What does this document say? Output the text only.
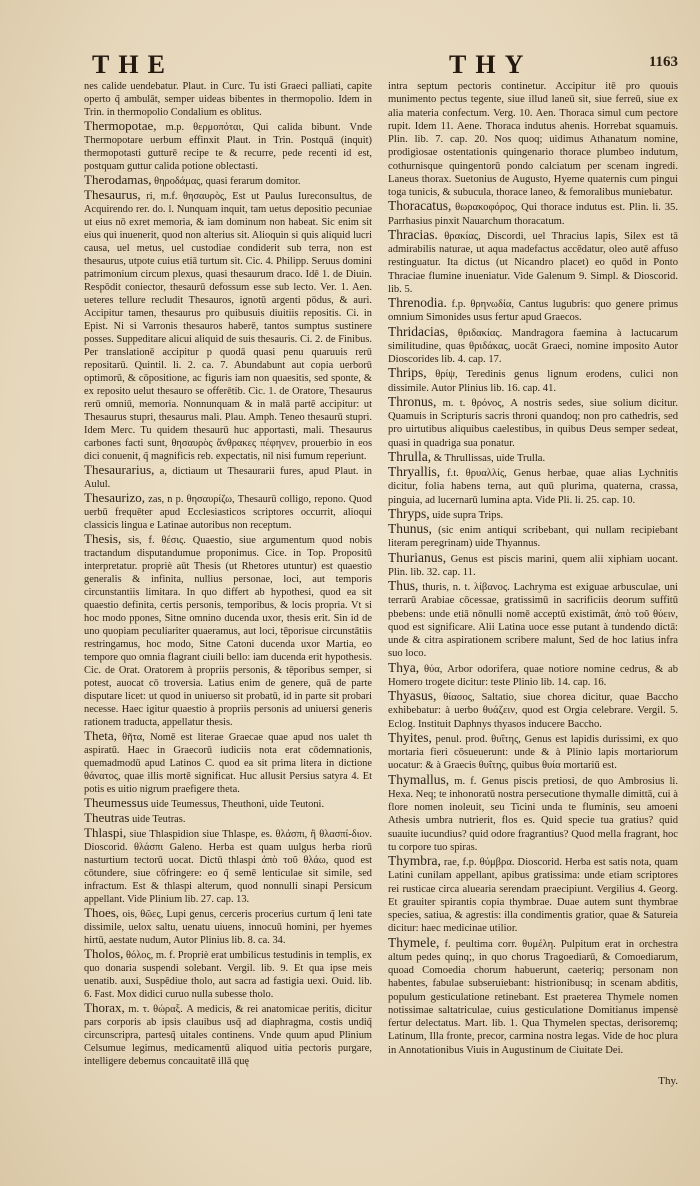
THE	THY	1163

nes calide uendebatur. Plaut. in Curc. Tu isti Graeci palliati, capite operto q̃ ambulāt, semper uideas bibentes in thermopolio. Idem in Trin. in thermopolio Condalium es oblitus.

Thermopotae, m.p. θερμοπόται, Qui calida bibunt. Vnde Thermopotare uerbum effinxit Plaut. in Trin. Postquā (inquit) thermopotasti gutturē recipe te & recurre, pede recenti id est, postquam guttur calida potione oblectasti.

Therodamas, θηροδάμας, quasi ferarum domitor.

Thesaurus, ri, m.f. θησαυρὸς, Est ut Paulus Iureconsultus, de Acquirendo rer. do. l. Nunquam inquit, tam uetus depositio pecuniae ut eius nō exret memoria, & iam dominum non habeat. Sic enim sit eius qui inuenerit, quod non alterius sit. Alioquin si quis aliquid lucri causa, uel metus, uel custodiae condiderit sub terra, non est thesaurus, utpote cuius etiā turtum sit. Cic. 4. Philipp. Seruus domini patrimonium circum plexus, quasi thesaurum draco. Idē 1. de Diuin. Respōdit coniector, thesaurū defossum esse sub lecto. Ver. 1. Aen. ueteres tellure recludit Thesauros, ignotū argenti pōdus, & auri. Accipitur tamen, thesaurus pro quibusuis diuitiis repositis. Ci. in Epist. Ni si Varronis thesauros haberē, tantos sumptus sustinere posses. Suppeditare alicui aliquid de suis thesauris. Ci. 2. de Finibus. Per translationē accipitur p quodā quasi penu quaruuis rerū repositarū. Quintil. li. 2. ca. 7. Abundabunt aut copia uerborū optimorū, & cōpositione, ac figuris iam non quaesitis, sed sponte, & ex reposito uelut thesauro se offerētib. Cic. 1. de Oratore, Thesaurus rerū omniū, memoria. Nonnunquam & in malā partē accipitur: ut Thesaurus stupri, thesaurus mali. Plau. Amph. Teneo thesaurū stupri. Idem Merc. Tu quidem thesaurū huc apportasti, mali. Thesaurus carbones facti sunt, θησαυρὸς ἄνθρακες πέφηνεν, prouerbio in eos dici conuenit, q̃ magnificis reb. expectatis, nil nisi fumum reperiunt.

Thesaurarius, a, dictiaum ut Thesaurarii fures, apud Plaut. in Aulul.

Thesaurizo, zas, n p. θησαυρίζω, Thesaurū colligo, repono. Quod uerbū frequēter apud Ecclesiasticos scriptores occurrit, alioqui classicis lingua e Latinae autoribus non receptum.

Thesis, sis, f. θέσις. Quaestio, siue argumentum quod nobis tractandum disputandumue proponimus. Cice. in Top. Propositū interpretatur. propriè aūt Thesis (ut Rhetores utuntur) est quaestio generalis & infinita, nullius personae, loci, aut temporis circunstantiis limitara. In quo differt ab hypothesi, quod ea sit quaestio definita, certis personis, temporibus, & locis propria. Vt si hoc modo ppones, Sitne omnino ducenda uxor, thesis erit. Sin id de uno quopiam peculiariter quaeramus, aut loci, tēporisue circunstātiis restringamus, hoc modo, Sitne Catoni ducenda uxor Martia, eo tempore quo omnia flagrant ciuili bello: iam ducenda erit hypothesis. Cic. de Orat. Oratorem à propriis personis, & tēporibus semper, si potest, auocat cō troversia. Latius enim de genere, quā de parte disputare licet: ut quod in uniuerso sit probatū, id in parte sit probari necesse. Haec igitur quaestio à propriis personis ad uniuersi generis rationem traducta, appellatur thesis.

Theta, θῆτα, Nomē est literae Graecae quae apud nos ualet th aspiratū. Haec in Graecorū iudiciis nota erat cōdemnationis, quemadmodū apud Latinos C. quod ea sit prima litera in dictione θάνατος, quae illis mortē significat. Huc allusit Persius satyra 4. Et potis es uitio nigrum praefigere theta.

Theumessus uide Teumessus, Theuthoni, uide Teutoni.

Theutras uide Teutras.

Thlaspi, siue Thlaspidion siue Thlaspe, es. θλάσπι, ἢ θλασπί-διον. Dioscorid. θλάσπι Galeno. Herba est quam uulgus herba riorū nasturtium tectorū uocat. Dictū thlaspi ἀπὸ τοῦ θλάω, quod est cōtundere, siue cōfringere: eo q̃ semē lenticulae sit simile, sed infractum. Est & thlaspi alterum, quod nonnulli sinapi Persicum appellant. Vide Plinium lib. 27. cap. 13.

Thoes, ois, θῶες, Lupi genus, cerceris procerius curtum q̃ leni tate dissimile, uelox saltu, uenatu uiuens, innocuū homini, per hyemes hirtū, aestate nudum, Autor Plinius lib. 8. ca. 34.

Tholos, θόλος, m. f. Propriè erat umbilicus testudinis in templis, ex quo donaria suspendi solebant. Vergil. lib. 9. Et qua ipse meis uenatib. auxi, Suspēdiue tholo, aut sacra ad fastigia uexi. Ouid. lib. 6. Fast. Mox didici curuo nulla subesse tholo.

Thorax, m. τ. θώραξ. A medicis, & rei anatomicae peritis, dicitur pars corporis ab ipsis clauibus usq̃ ad diaphragma, costis undiq̃ circunscripra, partesq̃ uitales continens. Vnde quum apud Plinium Celsumue legimus, medicamentū aliquod uitia pectoris purgare, intelligere debemus concauitatē illā quę

intra septum pectoris continetur. Accipitur itē pro quouis munimento pectus tegente, siue illud laneū sit, siue ferreū, siue ex alia materia confectum. Verg. 10. Aen. Thoraca simul cum pectore rupit. Idem 11. Aene. Thoraca indutus ahenis. Horrebat squamuis. Plin. lib. 7. cap. 20. Nos quoq; uidimus Athanatum nomine, prodigiosae ostentationis quingenario thorace plumbeo indutum, cothurnisque quingentorū pondo calciatum per scenam ingredi. Laneus thorax. Suetonius de Augusto, Hyeme quaternis cum pingui toga tunicis, & subucula, thorace laneo, & femoralibus muniebatur.

Thoracatus, θωρακοφόρος, Qui thorace indutus est. Plin. li. 35. Parrhasius pinxit Nauarchum thoracatum.

Thracias. θρακίας, Discordi, uel Thracius lapis, Silex est tā admirabilis naturae, ut aqua madefactus accēdatur, oleo autē affuso restinguatur. Ita dictus (ut Nicandro placet) eo quōd in Ponto Thraciae flumine inueniatur. Vide Galenum 9. Simpl. & Dioscorid. lib. 5.

Threnodia. f.p. θρηνωδία, Cantus lugubris: quo genere primus omnium Simonides usus fertur apud Graecos.

Thridacias, θριδακίας. Mandragora faemina à lactucarum similitudine, quas θριδάκας, uocāt Graeci, nomine imposito Autor Dioscorides lib. 4. cap. 17.

Thrips, θρίψ, Teredinis genus lignum erodens, culici non dissimile. Autor Plinius lib. 16. cap. 41.

Thronus, m. t. θρόνος, A nostris sedes, siue solium dicitur. Quamuis in Scripturis sacris throni quandoq; non pro cathedris, sed pro uirtutibus aliquibus caelestibus, in quibus Deus semper sedeat, quasi in quadriga sua ponatur.

Thrulla, & Thrullissas, uide Trulla.

Thryallis, f.t. θρυαλλίς, Genus herbae, quae alias Lychnitis dicitur, folia habens terna, aut quū plurima, quaterna, crassa, pinguia, ad lucernarū lumina apta. Vide Pli. li. 25. cap. 10.

Thryps, uide supra Trips.

Thunus, (sic enim antiqui scribebant, qui nullam recipiebant literam peregrinam) uide Thyannus.

Thurianus, Genus est piscis marini, quem alii xiphiam uocant. Plin. lib. 32. cap. 11.

Thus, thuris, n. t. λίβανος. Lachryma est exiguae arbusculae, uni terrarū Arabiae cōcessae, gratissimū in sacrificiis deorum suffitū pbebens: unde etiā nōnulli nomē acceptū existimāt, ἀπὸ τοῦ θύειν, quod est significare. Alii Latina uoce esse putant à tundendo dictā: unde & citra aspirationem scribere malunt, Sed de hoc latius infra suo loco.

Thya, θύα, Arbor odorifera, quae notiore nomine cedrus, & ab Homero trogete dicitur: teste Plinio lib. 14. cap. 16.

Thyasus, θίασος, Saltatio, siue chorea dicitur, quae Baccho exhibebatur: à uerbo θυάζειν, quod est Orgia celebrare. Vergil. 5. Eclog. Instituit Daphnys thyasos inducere Baccho.

Thyites, penul. prod. θυΐτης, Genus est lapidis durissimi, ex quo mortaria fieri cōsueuerunt: unde & à Plinio lapis mortariorum uocatur: & à Graecis θυΐτης, quibus θυία mortariū est.

Thymallus, m. f. Genus piscis pretiosi, de quo Ambrosius li. Hexa. Neq; te inhonoratū nostra persecutione thymalle dimittā, cui à flore nomen inoleuit, seu Ticini unda te fluminis, seu amoeni Athesis umbra nutrierit, flos es. Quid specie tua gratius? quid suauite iucundius? quid odore fragrantius? Quod mella fragrant, hoc tu corpore tuo spiras.

Thymbra, rae, f.p. θύμβρα. Dioscorid. Herba est satis nota, quam Latini cunilam appellant, apibus gratissima: unde etiam scriptores rei rusticae circa aluearia serendam praecipiunt. Vergilius 4. Georg. Et grauiter spirantis copia thymbrae. Duae autem sunt thymbrae species, satiua, & agrestis: illa condimentis gratior, quae & Satureia dicitur: haec medicinae utilior.

Thymele, f. peultima corr. θυμέλη. Pulpitum erat in orchestra altum pedes quinq;, in quo chorus Tragoediarū, & Comoediarum, quoad Comoedia chorum habuerunt, caeteriq; personam non habentes, fabulae subseruiebant: histrionibusq; in scenam abditis, populum gesticulatione retinebant. Est praeterea Thymele nomen notissimae saltatriculae, cuius gesticulatione Domitianus impensè fertur delectatus. Mart. lib. 1. Qua Thymelen spectas, derisoremq; Latinum, Illa fronte, precor, carmina nostra legas. Vide de hoc plura in Annotationibus Viuis in Augustinum de Ciuitate Dei.

Thy.
